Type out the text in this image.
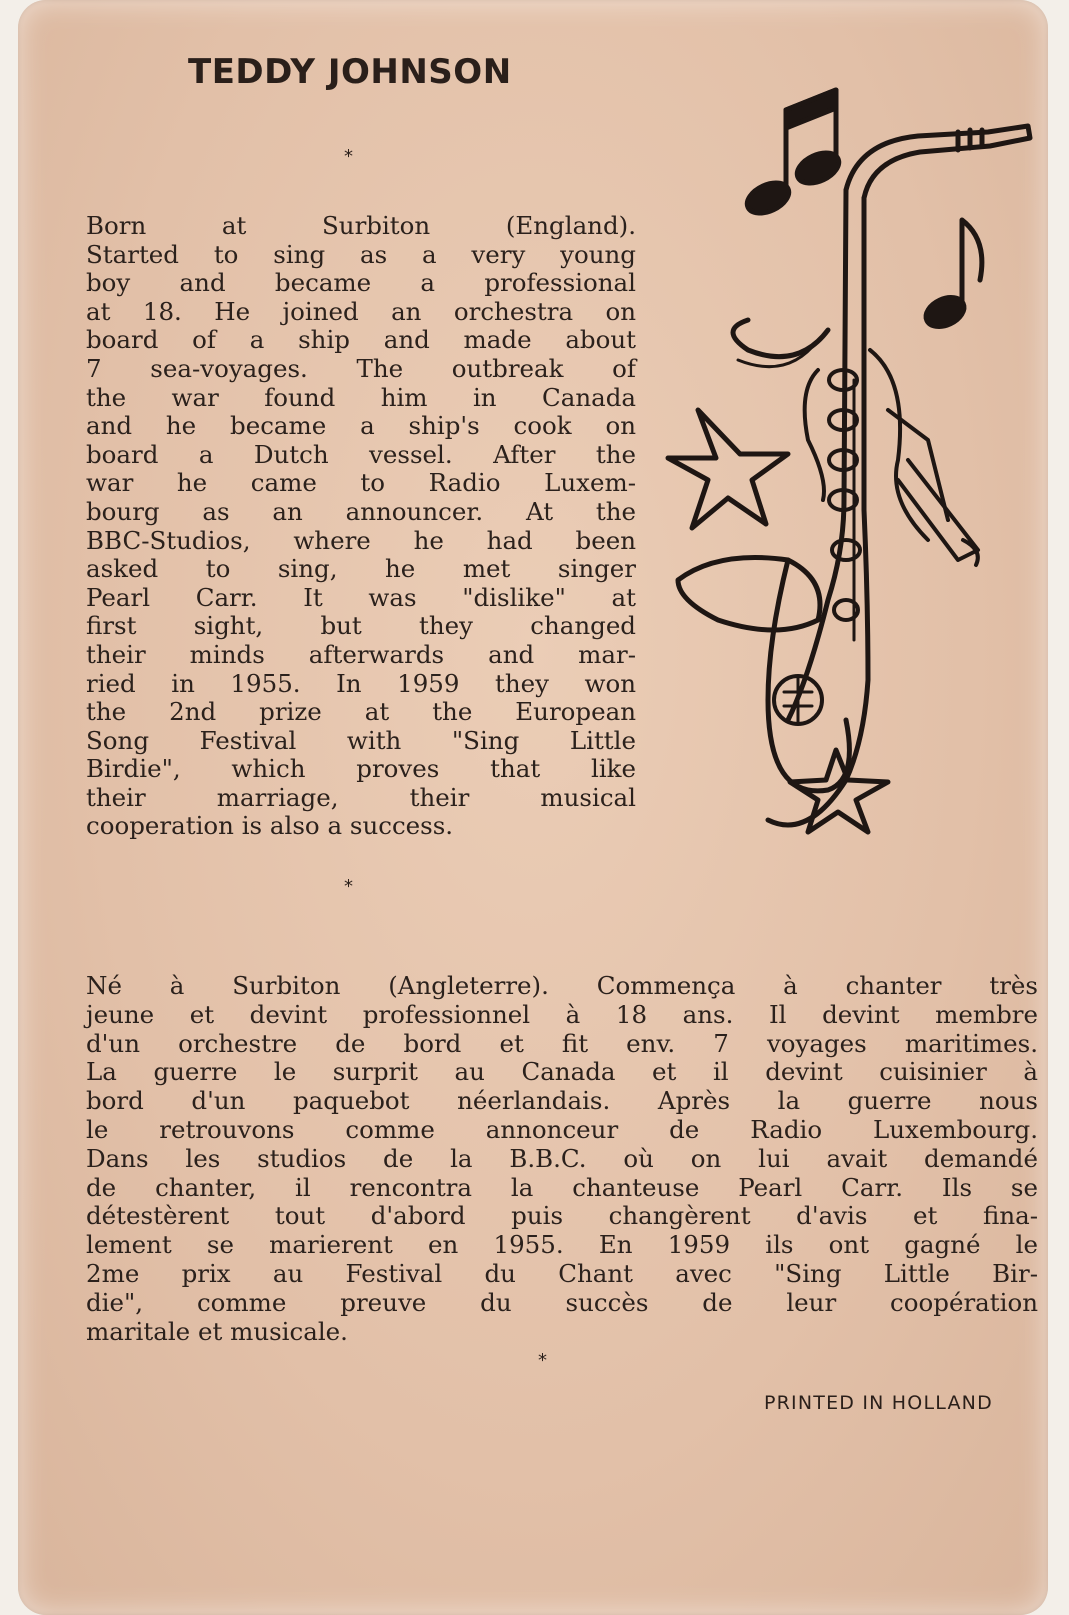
TEDDY JOHNSON
*
Born at Surbiton (England).
Started to sing as a very young
boy and became a professional
at 18. He joined an orchestra on
board of a ship and made about
7 sea-voyages. The outbreak of
the war found him in Canada
and he became a ship's cook on
board a Dutch vessel. After the
war he came to Radio Luxem-
bourg as an announcer. At the
BBC-Studios, where he had been
asked to sing, he met singer
Pearl Carr. It was "dislike" at
first sight, but they changed
their minds afterwards and mar-
ried in 1955. In 1959 they won
the 2nd prize at the European
Song Festival with "Sing Little
Birdie", which proves that like
their marriage, their musical
cooperation is also a success.
*
Né à Surbiton (Angleterre). Commença à chanter très
jeune et devint professionnel à 18 ans. Il devint membre
d'un orchestre de bord et fit env. 7 voyages maritimes.
La guerre le surprit au Canada et il devint cuisinier à
bord d'un paquebot néerlandais. Après la guerre nous
le retrouvons comme annonceur de Radio Luxembourg.
Dans les studios de la B.B.C. où on lui avait demandé
de chanter, il rencontra la chanteuse Pearl Carr. Ils se
détestèrent tout d'abord puis changèrent d'avis et fina-
lement se marierent en 1955. En 1959 ils ont gagné le
2me prix au Festival du Chant avec "Sing Little Bir-
die", comme preuve du succès de leur coopération
maritale et musicale.
*
PRINTED IN HOLLAND
